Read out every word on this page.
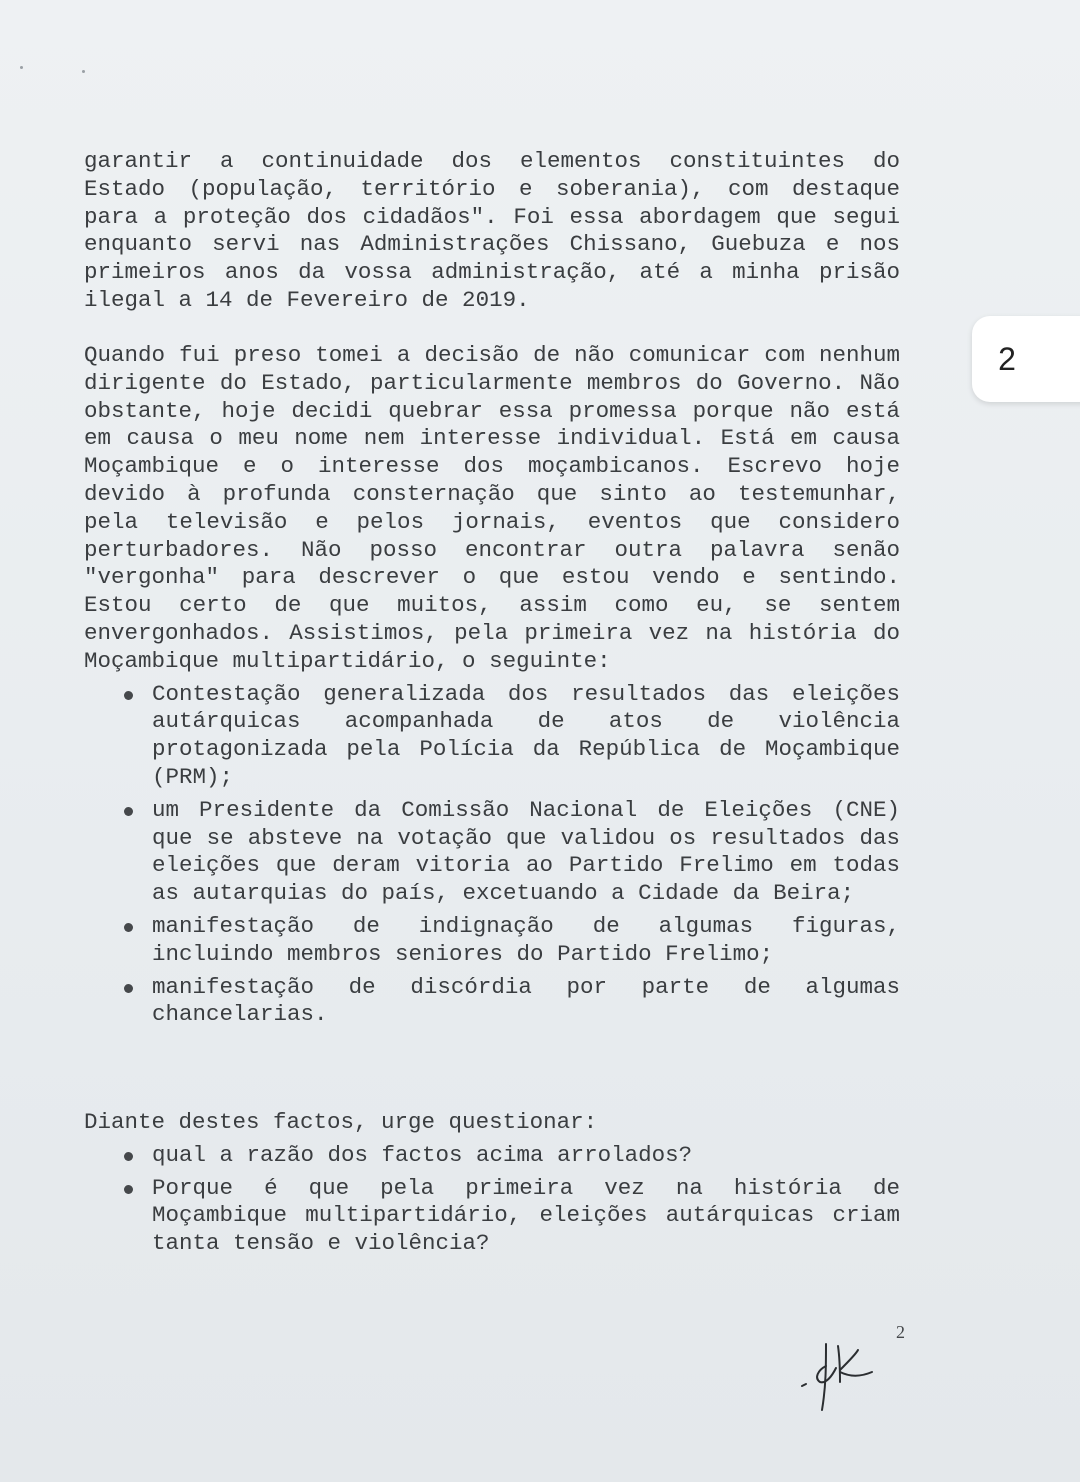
garantir a continuidade dos elementos constituintes do Estado (população, território e soberania), com destaque para a proteção dos cidadãos". Foi essa abordagem que segui enquanto servi nas Administrações Chissano, Guebuza e nos primeiros anos da vossa administração, até a minha prisão ilegal a 14 de Fevereiro de 2019.

Quando fui preso tomei a decisão de não comunicar com nenhum dirigente do Estado, particularmente membros do Governo. Não obstante, hoje decidi quebrar essa promessa porque não está em causa o meu nome nem interesse individual. Está em causa Moçambique e o interesse dos moçambicanos. Escrevo hoje devido à profunda consternação que sinto ao testemunhar, pela televisão e pelos jornais, eventos que considero perturbadores. Não posso encontrar outra palavra senão "vergonha" para descrever o que estou vendo e sentindo. Estou certo de que muitos, assim como eu, se sentem envergonhados. Assistimos, pela primeira vez na história do Moçambique multipartidário, o seguinte:

Contestação generalizada dos resultados das eleições autárquicas acompanhada de atos de violência protagonizada pela Polícia da República de Moçambique (PRM);
um Presidente da Comissão Nacional de Eleições (CNE) que se absteve na votação que validou os resultados das eleições que deram vitoria ao Partido Frelimo em todas as autarquias do país, excetuando a Cidade da Beira;
manifestação de indignação de algumas figuras, incluindo membros seniores do Partido Frelimo;
manifestação de discórdia por parte de algumas chancelarias.

Diante destes factos, urge questionar:

qual a razão dos factos acima arrolados?
Porque é que pela primeira vez na história de Moçambique multipartidário, eleições autárquicas criam tanta tensão e violência?
2
2
